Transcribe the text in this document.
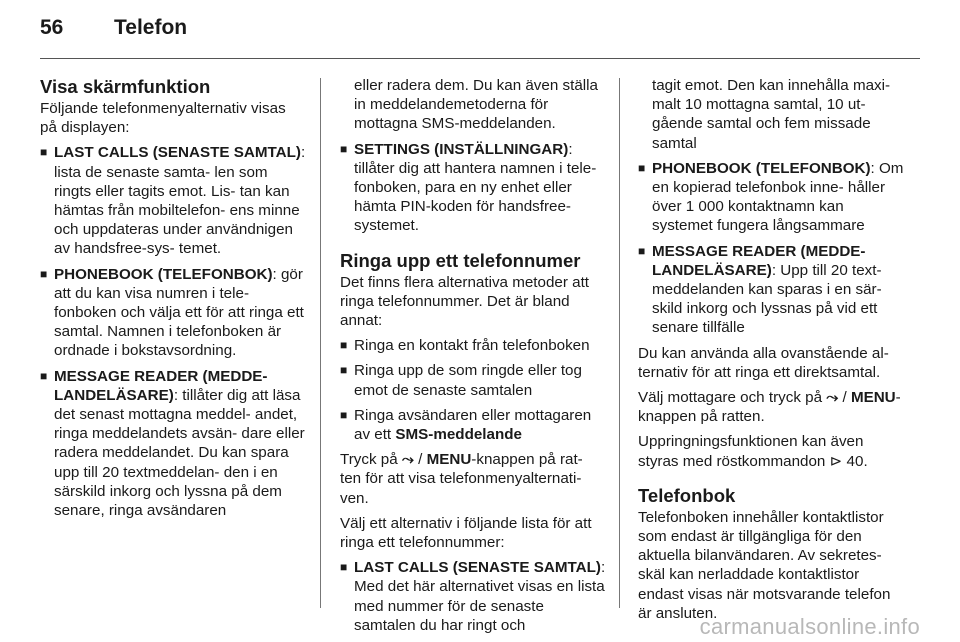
56 Telefon
Visa skärmfunktion

Följande telefonmenyalternativ visas på displayen:

■ LAST CALLS (SENASTE SAMTAL): lista de senaste samta- len som ringts eller tagits emot. Lis- tan kan hämtas från mobiltelefon- ens minne och uppdateras under användnigen av handsfree-sys- temet.
■ PHONEBOOK (TELEFONBOK): gör att du kan visa numren i tele- fonboken och välja ett för att ringa ett samtal. Namnen i telefonboken är ordnade i bokstavsordning.
■ MESSAGE READER (MEDDE- LANDELÄSARE): tillåter dig att läsa det senast mottagna meddel- andet, ringa meddelandets avsän- dare eller radera meddelandet. Du kan spara upp till 20 textmeddelan- den i en särskild inkorg och lyssna på dem senare, ringa avsändaren
eller radera dem. Du kan även ställa in meddelandemetoderna för mottagna SMS-meddelanden.
■ SETTINGS (INSTÄLLNINGAR): tillåter dig att hantera namnen i tele- fonboken, para en ny enhet eller hämta PIN-koden för handsfree- systemet.
Ringa upp ett telefonnumer

Det finns flera alternativa metoder att ringa telefonnummer. Det är bland annat:

■ Ringa en kontakt från telefonboken
■ Ringa upp de som ringde eller tog emot de senaste samtalen
■ Ringa avsändaren eller mottagaren av ett SMS-meddelande

Tryck på ⤳ / MENU-knappen på rat- ten för att visa telefonmenyalternati- ven.

Välj ett alternativ i följande lista för att ringa ett telefonnummer:

■ LAST CALLS (SENASTE SAMTAL): Med det här alternativet visas en lista med nummer för de senaste samtalen du har ringt och
tagit emot. Den kan innehålla maxi- malt 10 mottagna samtal, 10 ut- gående samtal och fem missade samtal
■ PHONEBOOK (TELEFONBOK): Om en kopierad telefonbok inne- håller över 1 000 kontaktnamn kan systemet fungera långsammare
■ MESSAGE READER (MEDDE- LANDELÄSARE): Upp till 20 text- meddelanden kan sparas i en sär- skild inkorg och lyssnas på vid ett senare tillfälle

Du kan använda alla ovanstående al- ternativ för att ringa ett direktsamtal.

Välj mottagare och tryck på ⤳ / MENU-knappen på ratten.

Uppringningsfunktionen kan även styras med röstkommandon ⊳ 40.

Telefonbok

Telefonboken innehåller kontaktlistor som endast är tillgängliga för den aktuella bilanvändaren. Av sekretes- skäl kan nerladdade kontaktlistor endast visas när motsvarande telefon är ansluten.

carmanualsonline.info
